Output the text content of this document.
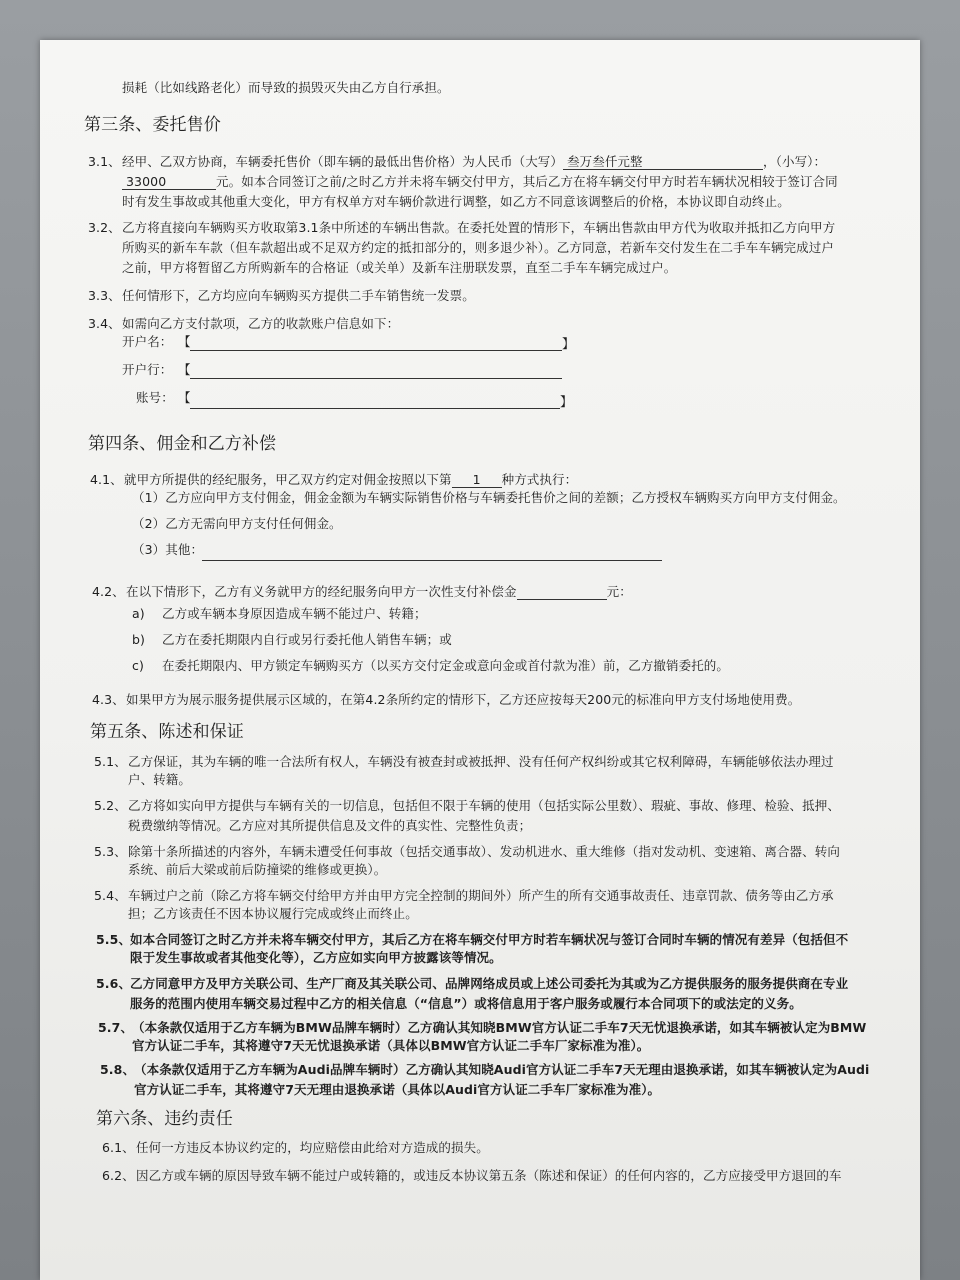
损耗（比如线路老化）而导致的损毁灭失由乙方自行承担。
第三条、委托售价
3.1、 经甲、乙双方协商，车辆委托售价（即车辆的最低出售价格）为人民币（大写） 叁万叁仟元整	，（小写）：
33000	元。如本合同签订之前/之时乙方并未将车辆交付甲方，其后乙方在将车辆交付甲方时若车辆状况相较于签订合同
时有发生事故或其他重大变化，甲方有权单方对车辆价款进行调整，如乙方不同意该调整后的价格，本协议即自动终止。
3.2、 乙方将直接向车辆购买方收取第3.1条中所述的车辆出售款。在委托处置的情形下，车辆出售款由甲方代为收取并抵扣乙方向甲方
所购买的新车车款（但车款超出或不足双方约定的抵扣部分的，则多退少补）。乙方同意，若新车交付发生在二手车车辆完成过户
之前，甲方将暂留乙方所购新车的合格证（或关单）及新车注册联发票，直至二手车车辆完成过户。
3.3、 任何情形下，乙方均应向车辆购买方提供二手车销售统一发票。
3.4、 如需向乙方支付款项，乙方的收款账户信息如下：
开户名： 【	】
开户行： 【
账号： 【	】
第四条、佣金和乙方补偿
4.1、 就甲方所提供的经纪服务，甲乙双方约定对佣金按照以下第 1 种方式执行：
（1）乙方应向甲方支付佣金，佣金金额为车辆实际销售价格与车辆委托售价之间的差额；乙方授权车辆购买方向甲方支付佣金。
（2）乙方无需向甲方支付任何佣金。
（3）其他：
4.2、 在以下情形下，乙方有义务就甲方的经纪服务向甲方一次性支付补偿金	元：
a) 乙方或车辆本身原因造成车辆不能过户、转籍；
b) 乙方在委托期限内自行或另行委托他人销售车辆；或
c) 在委托期限内、甲方锁定车辆购买方（以买方交付定金或意向金或首付款为准）前，乙方撤销委托的。
4.3、 如果甲方为展示服务提供展示区域的，在第4.2条所约定的情形下，乙方还应按每天200元的标准向甲方支付场地使用费。
第五条、陈述和保证
5.1、 乙方保证，其为车辆的唯一合法所有权人，车辆没有被查封或被抵押、没有任何产权纠纷或其它权利障碍，车辆能够依法办理过
户、转籍。
5.2、 乙方将如实向甲方提供与车辆有关的一切信息，包括但不限于车辆的使用（包括实际公里数）、瑕疵、事故、修理、检验、抵押、
税费缴纳等情况。乙方应对其所提供信息及文件的真实性、完整性负责；
5.3、 除第十条所描述的内容外，车辆未遭受任何事故（包括交通事故）、发动机进水、重大维修（指对发动机、变速箱、离合器、转向
系统、前后大梁或前后防撞梁的维修或更换）。
5.4、 车辆过户之前（除乙方将车辆交付给甲方并由甲方完全控制的期间外）所产生的所有交通事故责任、违章罚款、债务等由乙方承
担；乙方该责任不因本协议履行完成或终止而终止。
5.5、
如本合同签订之时乙方并未将车辆交付甲方，其后乙方在将车辆交付甲方时若车辆状况与签订合同时车辆的情况有差异（包括但不
限于发生事故或者其他变化等），乙方应如实向甲方披露该等情况。
5.6、
乙方同意甲方及甲方关联公司、生产厂商及其关联公司、品牌网络成员或上述公司委托为其或为乙方提供服务的服务提供商在专业
服务的范围内使用车辆交易过程中乙方的相关信息（“信息”）或将信息用于客户服务或履行本合同项下的或法定的义务。
5.7、
（本条款仅适用于乙方车辆为BMW品牌车辆时）乙方确认其知晓BMW官方认证二手车7天无忧退换承诺，如其车辆被认定为BMW
官方认证二手车，其将遵守7天无忧退换承诺（具体以BMW官方认证二手车厂家标准为准）。
5.8、
（本条款仅适用于乙方车辆为Audi品牌车辆时）乙方确认其知晓Audi官方认证二手车7天无理由退换承诺，如其车辆被认定为Audi
官方认证二手车，其将遵守7天无理由退换承诺（具体以Audi官方认证二手车厂家标准为准）。
第六条、违约责任
6.1、 任何一方违反本协议约定的，均应赔偿由此给对方造成的损失。
6.2、 因乙方或车辆的原因导致车辆不能过户或转籍的，或违反本协议第五条（陈述和保证）的任何内容的，乙方应接受甲方退回的车
